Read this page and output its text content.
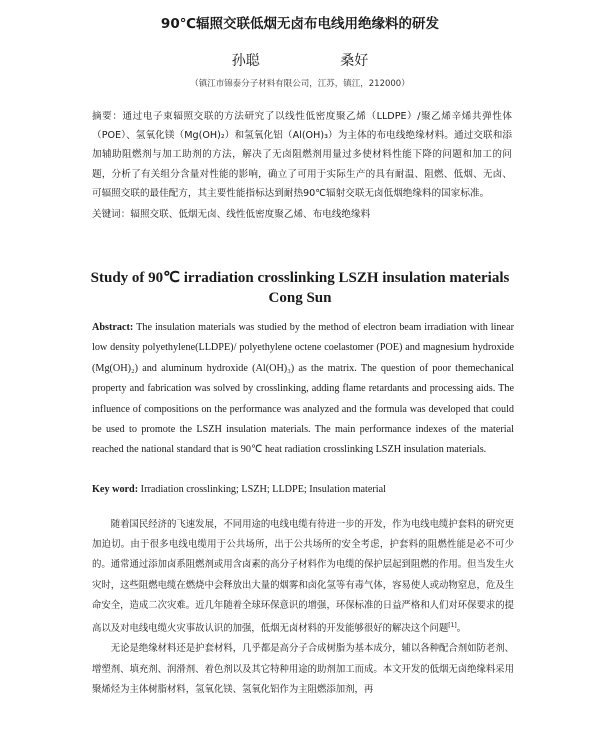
90℃辐照交联低烟无卤布电线用绝缘料的研发
孙聪	桑好
（镇江市锦泰分子材料有限公司，江苏，镇江，212000）
摘要：通过电子束辐照交联的方法研究了以线性低密度聚乙烯（LLDPE）/聚乙烯辛烯共弹性体（POE）、氢氧化镁（Mg(OH)₂）和氢氧化铝（Al(OH)₃）为主体的布电线绝缘材料。通过交联和添加辅助阻燃剂与加工助剂的方法，解决了无卤阻燃剂用量过多使材料性能下降的问题和加工的问题，分析了有关组分含量对性能的影响，确立了可用于实际生产的具有耐温、阻燃、低烟、无卤、可辐照交联的最佳配方，其主要性能指标达到耐热90℃辐射交联无卤低烟绝缘料的国家标准。
关键词：辐照交联、低烟无卤、线性低密度聚乙烯、布电线绝缘料
Study of 90℃ irradiation crosslinking LSZH insulation materials
Cong Sun
Abstract: The insulation materials was studied by the method of electron beam irradiation with linear low density polyethylene(LLDPE)/ polyethylene octene coelastomer (POE) and magnesium hydroxide (Mg(OH)₂) and aluminum hydroxide (Al(OH)₃) as the matrix. The question of poor themechanical property and fabrication was solved by crosslinking, adding flame retardants and processing aids. The influence of compositions on the performance was analyzed and the formula was developed that could be used to promote the LSZH insulation materials. The main performance indexes of the material reached the national standard that is 90℃ heat radiation crosslinking LSZH insulation materials.
Key word: Irradiation crosslinking; LSZH; LLDPE; Insulation material

随着国民经济的飞速发展，不同用途的电线电缆有待进一步的开发，作为电线电缆护套料的研究更加迫切。由于很多电线电缆用于公共场所，出于公共场所的安全考虑，护套料的阻燃性能是必不可少的。通常通过添加卤系阻燃剂或用含卤素的高分子材料作为电缆的保护层起到阻燃的作用。但当发生火灾时，这些阻燃电缆在燃烧中会释放出大量的烟雾和卤化氢等有毒气体，容易使人或动物窒息，危及生命安全，造成二次灾难。近几年随着全球环保意识的增强，环保标准的日益严格和人们对环保要求的提高以及对电线电缆火灾事故认识的加强，低烟无卤材料的开发能够很好的解决这个问题[1]。

无论是绝缘材料还是护套材料，几乎都是高分子合成树脂为基本成分，辅以各种配合剂如防老剂、增塑剂、填充剂、润滑剂、着色剂以及其它特种用途的助剂加工而成。本文开发的低烟无卤绝缘料采用聚烯烃为主体树脂材料，氢氧化镁、氢氧化铝作为主阻燃添加剂，再
